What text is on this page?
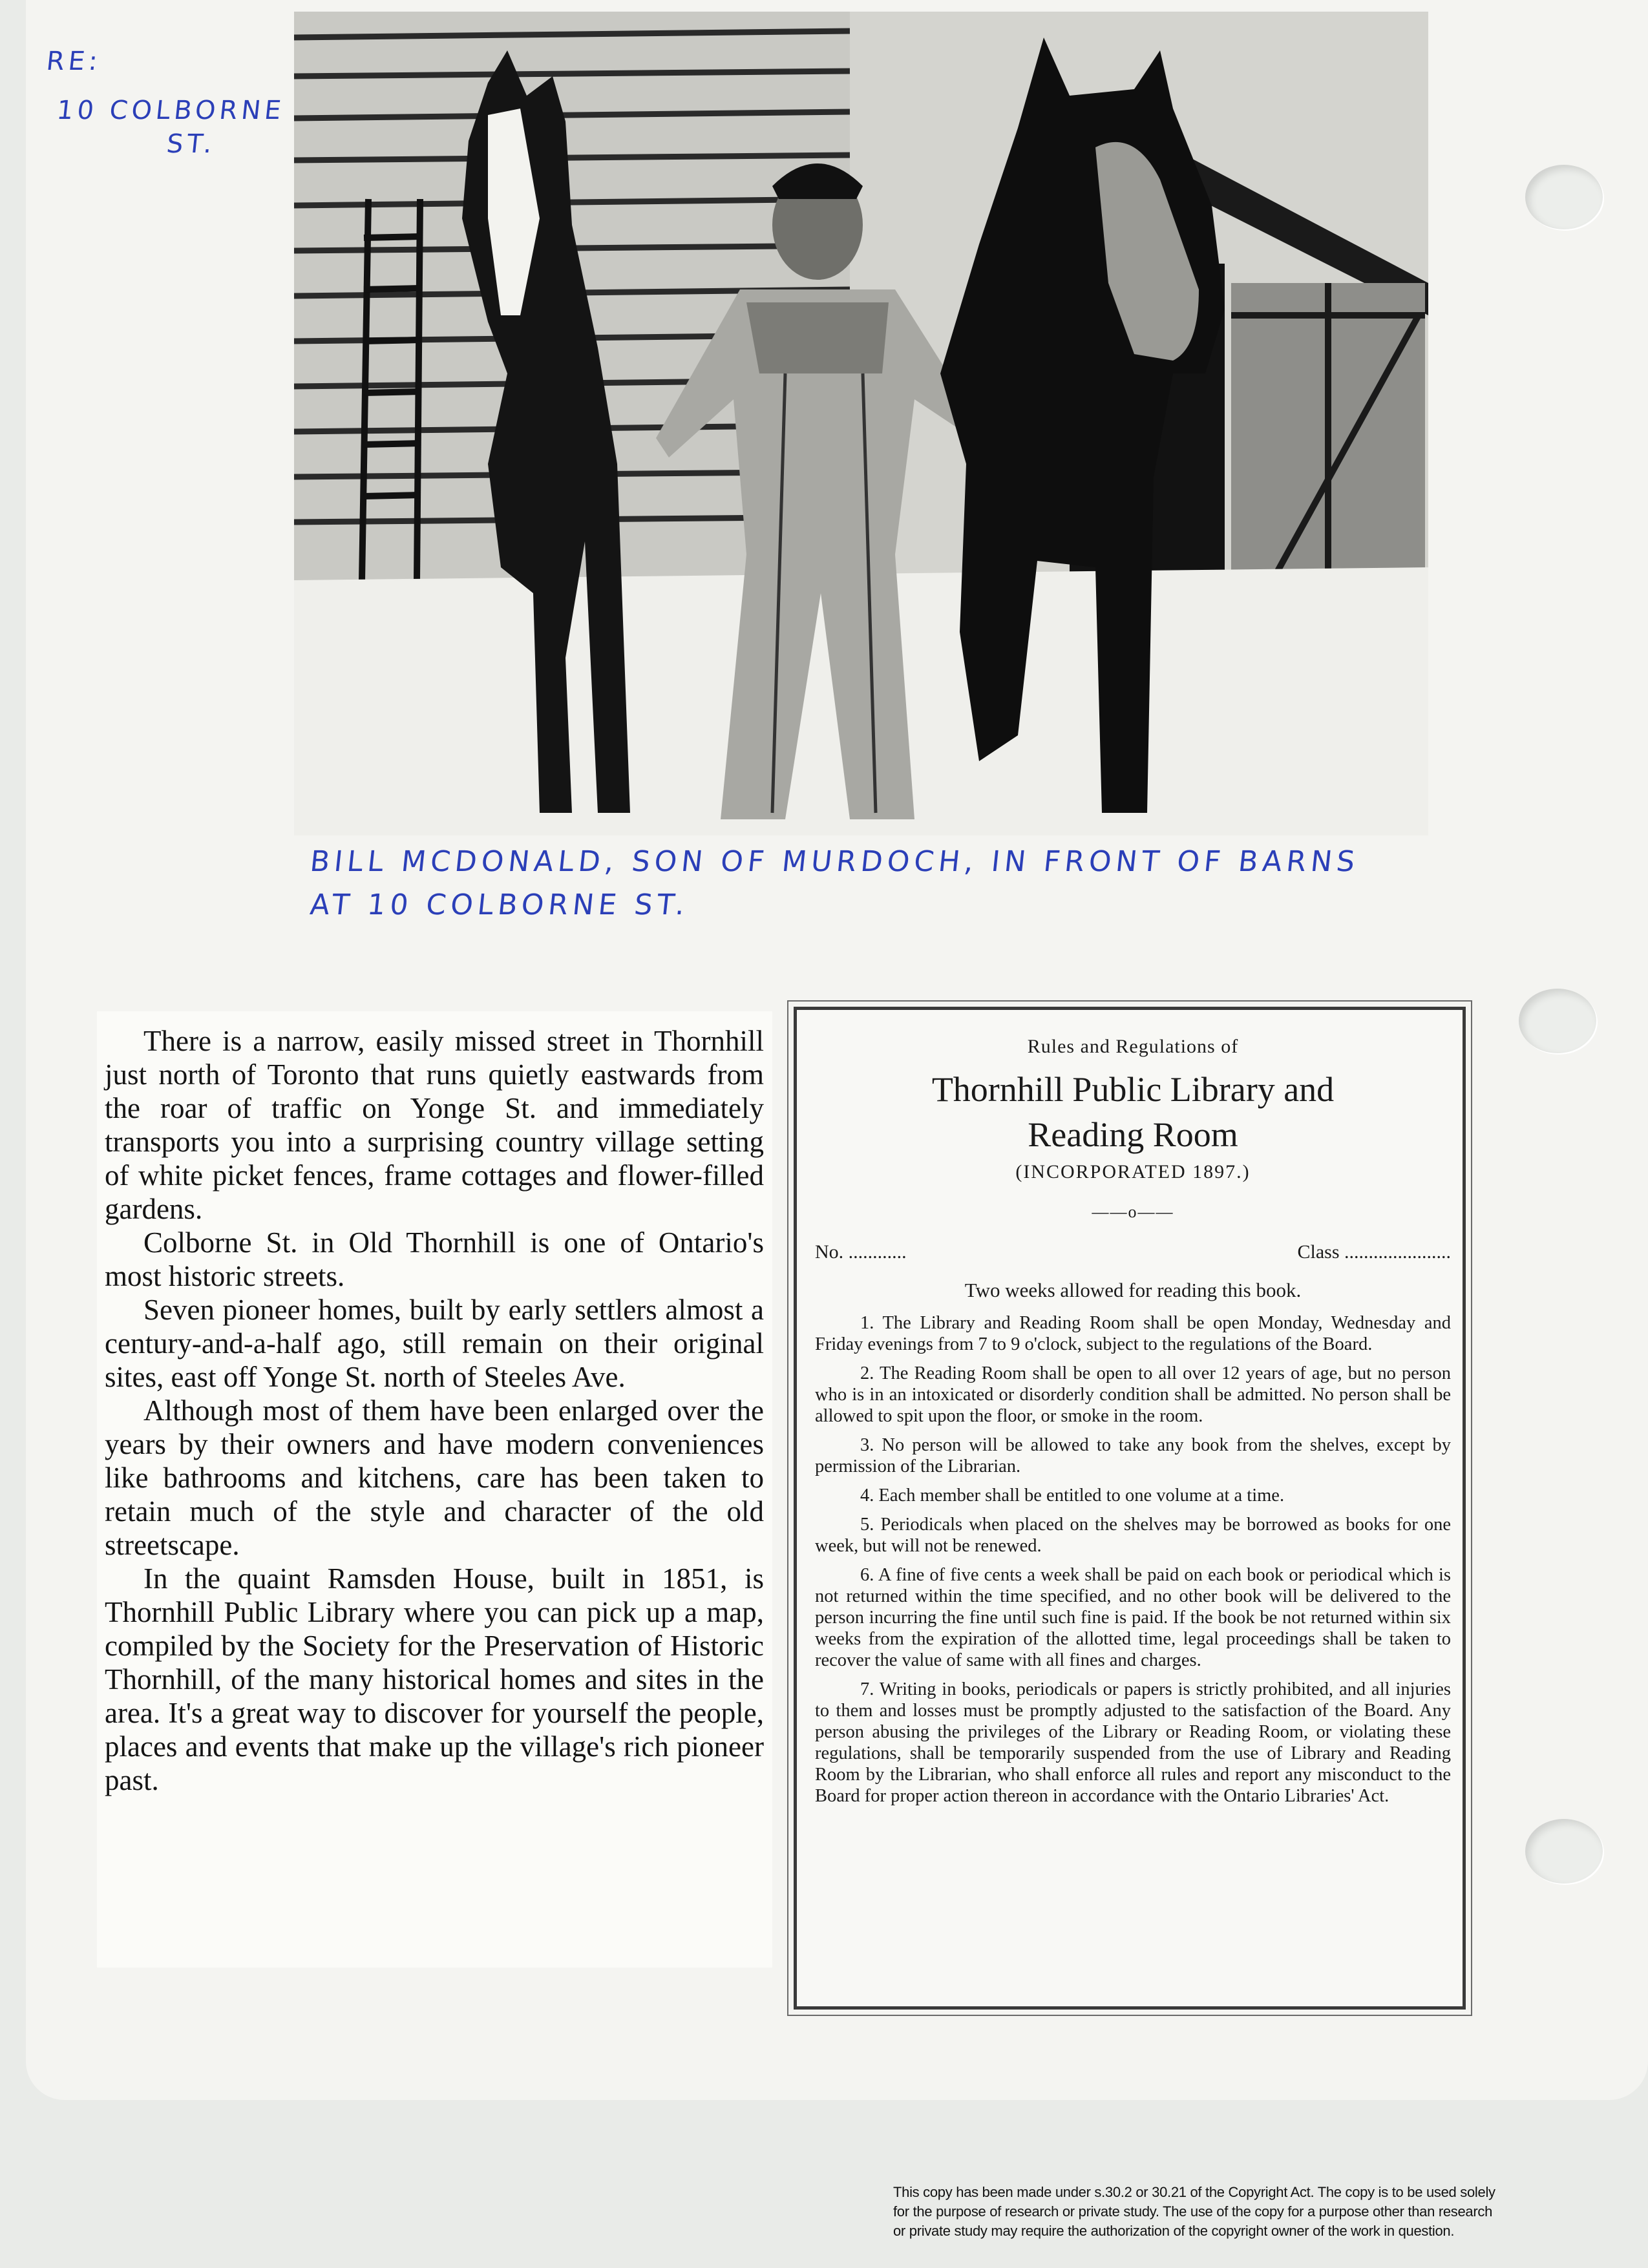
RE:
10 COLBORNE
ST.
BILL MCDONALD, SON OF MURDOCH, IN FRONT OF BARNS
AT 10 COLBORNE ST.

There is a narrow, easily missed street in Thornhill just north of Toronto that runs quietly eastwards from the roar of traffic on Yonge St. and immediately transports you into a surprising country village setting of white picket fences, frame cottages and flower-filled gardens.

Colborne St. in Old Thornhill is one of Ontario's most historic streets.

Seven pioneer homes, built by early settlers almost a century-and-a-half ago, still remain on their original sites, east off Yonge St. north of Steeles Ave.

Although most of them have been enlarged over the years by their owners and have modern conveniences like bathrooms and kitchens, care has been taken to retain much of the style and character of the old streetscape.

In the quaint Ramsden House, built in 1851, is Thornhill Public Library where you can pick up a map, compiled by the Society for the Preservation of Historic Thornhill, of the many historical homes and sites in the area. It's a great way to discover for yourself the people, places and events that make up the village's rich pioneer past.

Rules and Regulations of

Thornhill Public Library and
Reading Room

(INCORPORATED 1897.)

——o——

No. ............	Class ......................

Two weeks allowed for reading this book.

1. The Library and Reading Room shall be open Monday, Wednesday and Friday evenings from 7 to 9 o'clock, subject to the regulations of the Board.

2. The Reading Room shall be open to all over 12 years of age, but no person who is in an intoxicated or disorderly condition shall be admitted. No person shall be allowed to spit upon the floor, or smoke in the room.

3. No person will be allowed to take any book from the shelves, except by permission of the Librarian.

4. Each member shall be entitled to one volume at a time.

5. Periodicals when placed on the shelves may be borrowed as books for one week, but will not be renewed.

6. A fine of five cents a week shall be paid on each book or periodical which is not returned within the time specified, and no other book will be delivered to the person incurring the fine until such fine is paid. If the book be not returned within six weeks from the expiration of the allotted time, legal proceedings shall be taken to recover the value of same with all fines and charges.

7. Writing in books, periodicals or papers is strictly prohibited, and all injuries to them and losses must be promptly adjusted to the satisfaction of the Board. Any person abusing the privileges of the Library or Reading Room, or violating these regulations, shall be temporarily suspended from the use of Library and Reading Room by the Librarian, who shall enforce all rules and report any misconduct to the Board for proper action thereon in accordance with the Ontario Libraries' Act.

This copy has been made under s.30.2 or 30.21 of the Copyright Act. The copy is to be used solely
for the purpose of research or private study. The use of the copy for a purpose other than research
or private study may require the authorization of the copyright owner of the work in question.
